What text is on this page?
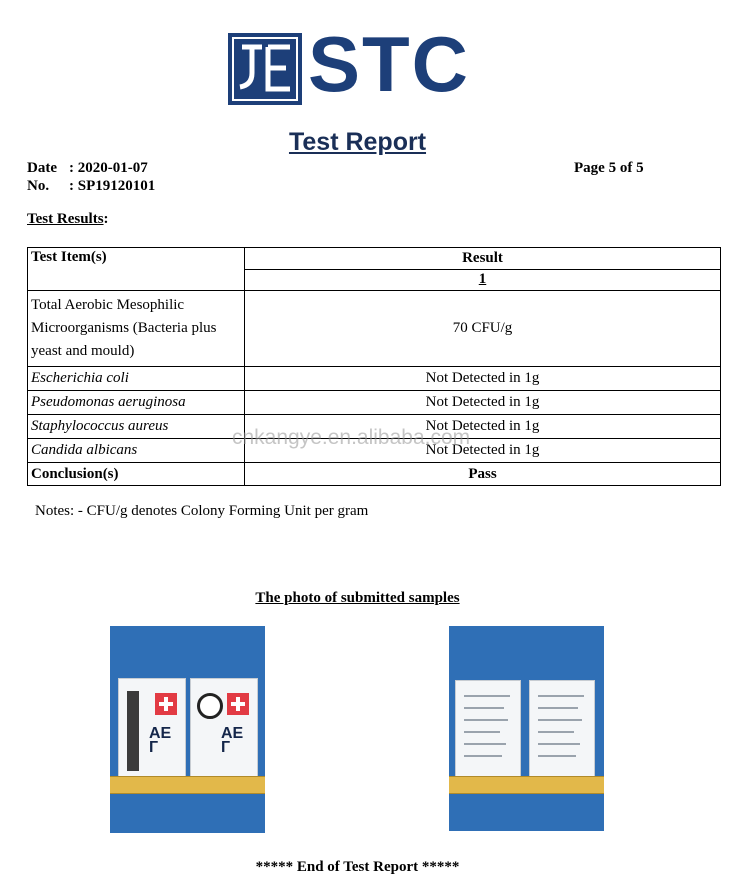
STC
Test Report
Date : 2020-01-07
No. : SP19120101
Page 5 of 5
Test Results:
Test Item(s)	Result
	1
Total Aerobic Mesophilic Microorganisms (Bacteria plus yeast and mould)	70 CFU/g
Escherichia coli	Not Detected in 1g
Pseudomonas aeruginosa	Not Detected in 1g
Staphylococcus aureus	Not Detected in 1g
Candida albicans	Not Detected in 1g
Conclusion(s)	Pass
cnkangye.en.alibaba.com
Notes: - CFU/g denotes Colony Forming Unit per gram
The photo of submitted samples
AE
Г
AE
Г
***** End of Test Report *****
